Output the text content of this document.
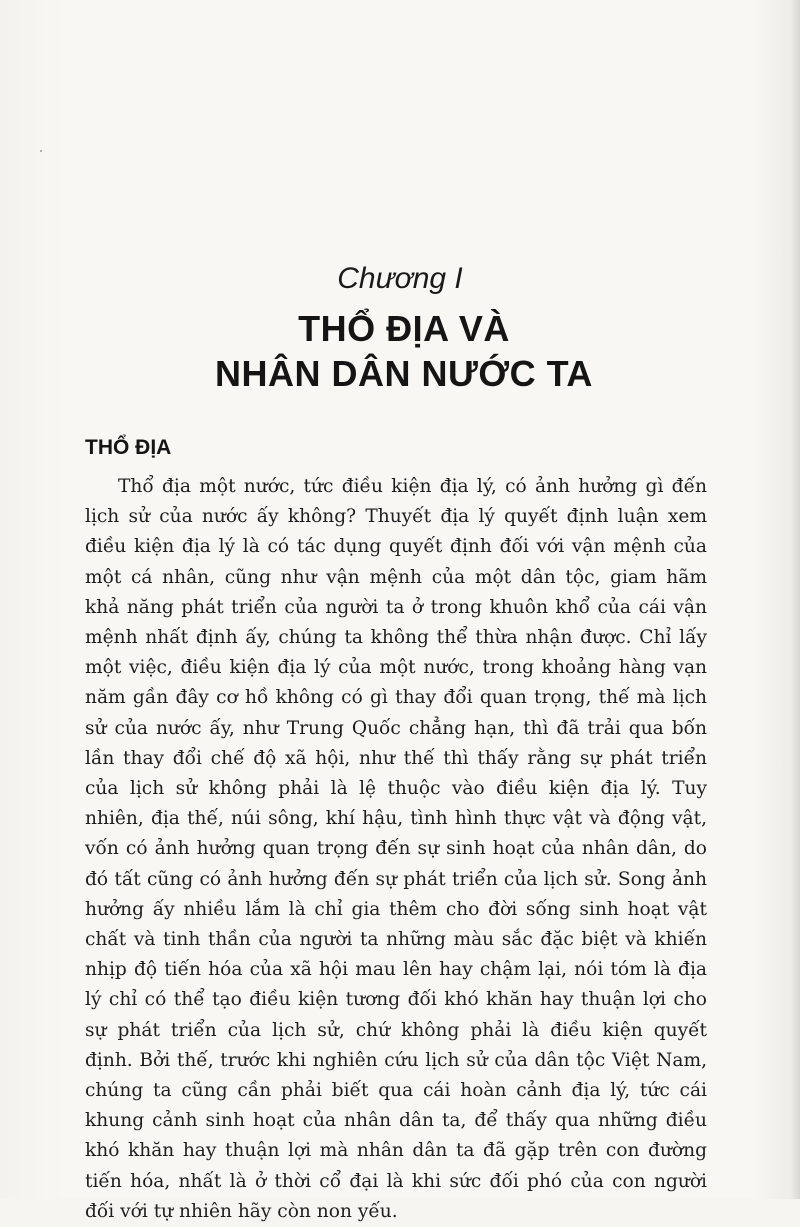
Chương I
THỔ ĐỊA VÀ
NHÂN DÂN NƯỚC TA
THỔ ĐỊA
Thổ địa một nước, tức điều kiện địa lý, có ảnh hưởng gì đến
lịch sử của nước ấy không? Thuyết địa lý quyết định luận xem
điều kiện địa lý là có tác dụng quyết định đối với vận mệnh của
một cá nhân, cũng như vận mệnh của một dân tộc, giam hãm
khả năng phát triển của người ta ở trong khuôn khổ của cái vận
mệnh nhất định ấy, chúng ta không thể thừa nhận được. Chỉ lấy
một việc, điều kiện địa lý của một nước, trong khoảng hàng vạn
năm gần đây cơ hồ không có gì thay đổi quan trọng, thế mà lịch
sử của nước ấy, như Trung Quốc chẳng hạn, thì đã trải qua bốn
lần thay đổi chế độ xã hội, như thế thì thấy rằng sự phát triển
của lịch sử không phải là lệ thuộc vào điều kiện địa lý. Tuy
nhiên, địa thế, núi sông, khí hậu, tình hình thực vật và động vật,
vốn có ảnh hưởng quan trọng đến sự sinh hoạt của nhân dân, do
đó tất cũng có ảnh hưởng đến sự phát triển của lịch sử. Song ảnh
hưởng ấy nhiều lắm là chỉ gia thêm cho đời sống sinh hoạt vật
chất và tinh thần của người ta những màu sắc đặc biệt và khiến
nhịp độ tiến hóa của xã hội mau lên hay chậm lại, nói tóm là địa
lý chỉ có thể tạo điều kiện tương đối khó khăn hay thuận lợi cho
sự phát triển của lịch sử, chứ không phải là điều kiện quyết
định. Bởi thế, trước khi nghiên cứu lịch sử của dân tộc Việt Nam,
chúng ta cũng cần phải biết qua cái hoàn cảnh địa lý, tức cái
khung cảnh sinh hoạt của nhân dân ta, để thấy qua những điều
khó khăn hay thuận lợi mà nhân dân ta đã gặp trên con đường
tiến hóa, nhất là ở thời cổ đại là khi sức đối phó của con người
đối với tự nhiên hãy còn non yếu.
